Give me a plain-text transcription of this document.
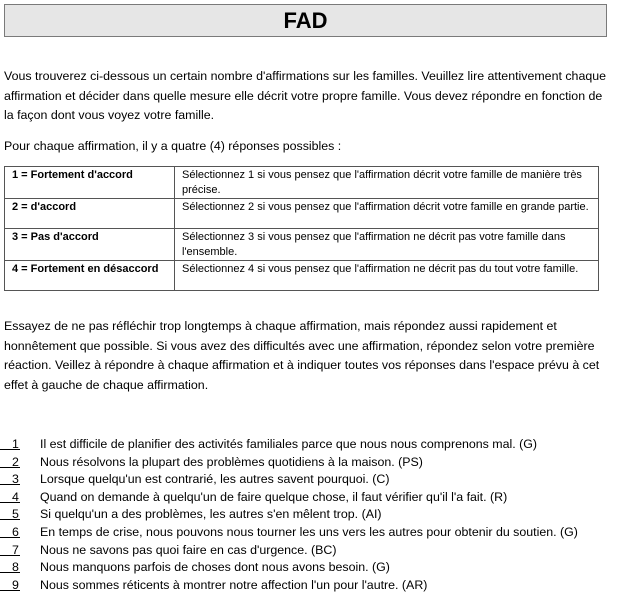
FAD

Vous trouverez ci-dessous un certain nombre d'affirmations sur les familles. Veuillez lire attentivement chaque affirmation et décider dans quelle mesure elle décrit votre propre famille. Vous devez répondre en fonction de la façon dont vous voyez votre famille.

Pour chaque affirmation, il y a quatre (4) réponses possibles :

1 = Fortement d'accord	Sélectionnez 1 si vous pensez que l'affirmation décrit votre famille de manière très précise.
2 = d'accord	Sélectionnez 2 si vous pensez que l'affirmation décrit votre famille en grande partie.
3 = Pas d'accord	Sélectionnez 3 si vous pensez que l'affirmation ne décrit pas votre famille dans l'ensemble.
4 = Fortement en désaccord	Sélectionnez 4 si vous pensez que l'affirmation ne décrit pas du tout votre famille.

Essayez de ne pas réfléchir trop longtemps à chaque affirmation, mais répondez aussi rapidement et honnêtement que possible. Si vous avez des difficultés avec une affirmation, répondez selon votre première réaction. Veillez à répondre à chaque affirmation et à indiquer toutes vos réponses dans l'espace prévu à cet effet à gauche de chaque affirmation.

1 Il est difficile de planifier des activités familiales parce que nous nous comprenons mal. (G)
2 Nous résolvons la plupart des problèmes quotidiens à la maison. (PS)
3 Lorsque quelqu'un est contrarié, les autres savent pourquoi. (C)
4 Quand on demande à quelqu'un de faire quelque chose, il faut vérifier qu'il l'a fait. (R)
5 Si quelqu'un a des problèmes, les autres s'en mêlent trop. (AI)
6 En temps de crise, nous pouvons nous tourner les uns vers les autres pour obtenir du soutien. (G)
7 Nous ne savons pas quoi faire en cas d'urgence. (BC)
8 Nous manquons parfois de choses dont nous avons besoin. (G)
9 Nous sommes réticents à montrer notre affection l'un pour l'autre. (AR)
